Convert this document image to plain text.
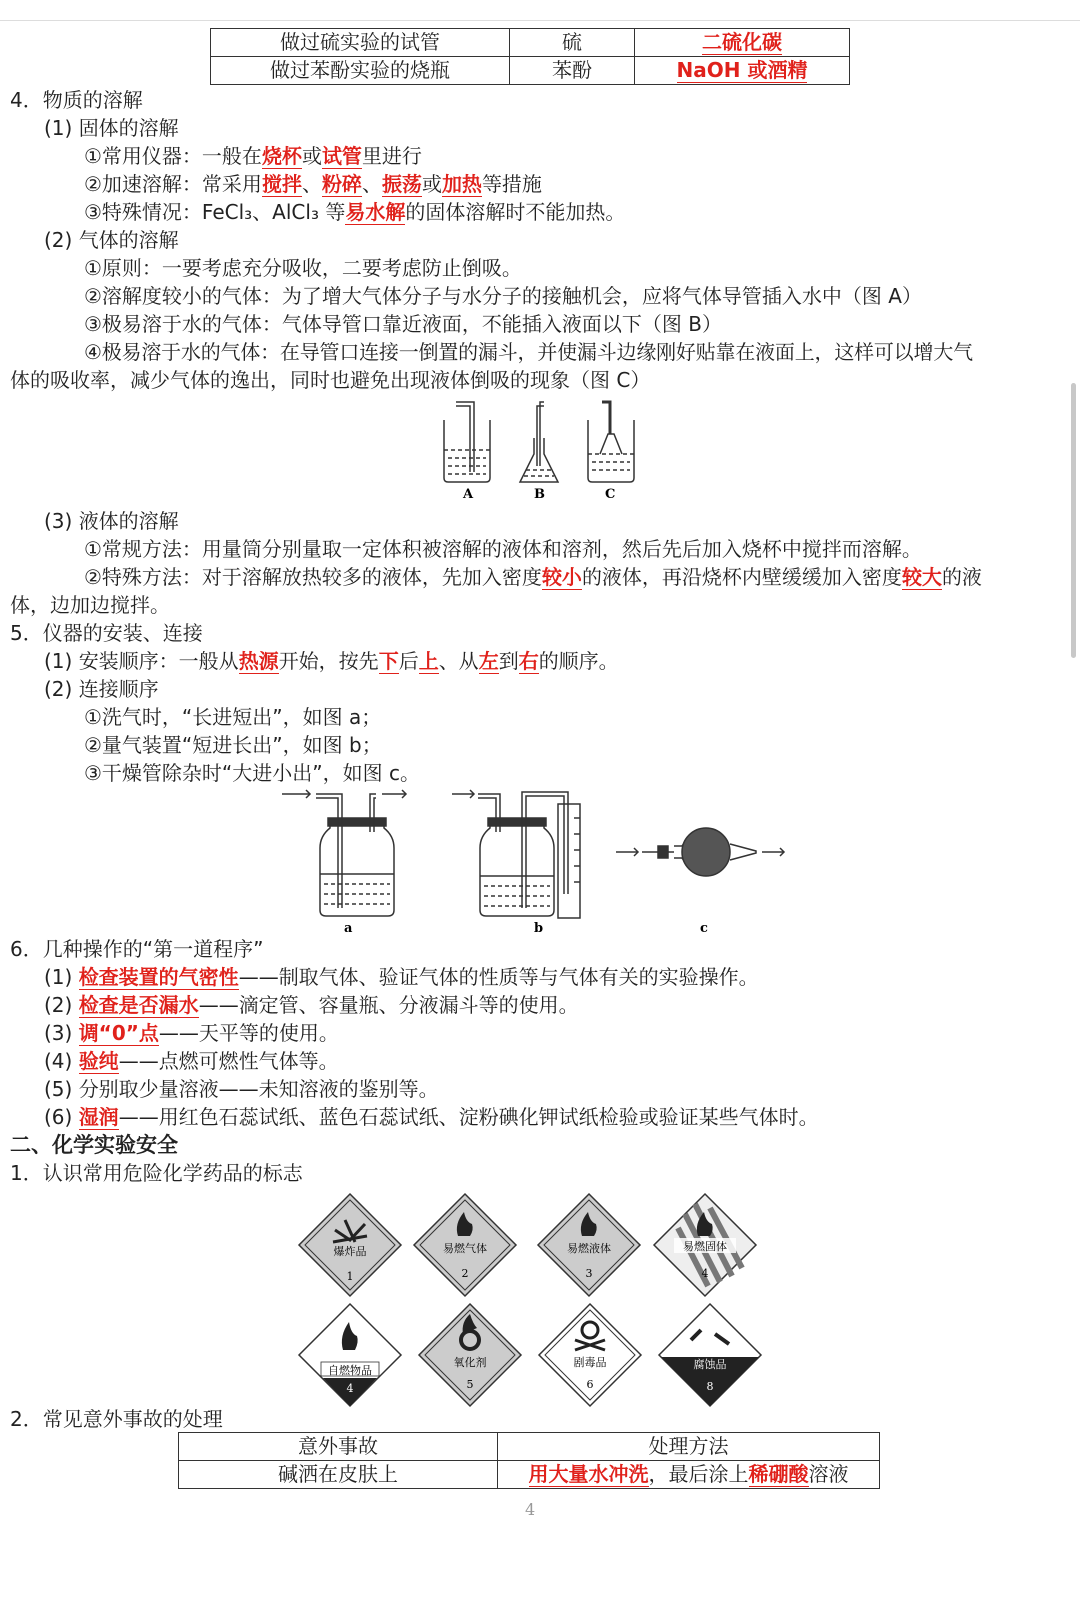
做过硫实验的试管	硫	二硫化碳
做过苯酚实验的烧瓶	苯酚	NaOH 或酒精
4．物质的溶解
(1) 固体的溶解
①常用仪器：一般在烧杯或试管里进行
②加速溶解：常采用搅拌、粉碎、振荡或加热等措施
③特殊情况：FeCl₃、AlCl₃ 等易水解的固体溶解时不能加热。
(2) 气体的溶解
①原则：一要考虑充分吸收，二要考虑防止倒吸。
②溶解度较小的气体：为了增大气体分子与水分子的接触机会，应将气体导管插入水中（图 A）
③极易溶于水的气体：气体导管口靠近液面，不能插入液面以下（图 B）
④极易溶于水的气体：在导管口连接一倒置的漏斗，并使漏斗边缘刚好贴靠在液面上，这样可以增大气
体的吸收率，减少气体的逸出，同时也避免出现液体倒吸的现象（图 C）
A	B	C
(3) 液体的溶解
①常规方法：用量筒分别量取一定体积被溶解的液体和溶剂，然后先后加入烧杯中搅拌而溶解。
②特殊方法：对于溶解放热较多的液体，先加入密度较小的液体，再沿烧杯内壁缓缓加入密度较大的液
体，边加边搅拌。
5．仪器的安装、连接
(1) 安装顺序：一般从热源开始，按先下后上、从左到右的顺序。
(2) 连接顺序
①洗气时，“长进短出”，如图 a；
②量气装置“短进长出”，如图 b；
③干燥管除杂时“大进小出”，如图 c。
a	b	c
6．几种操作的“第一道程序”
(1) 检查装置的气密性——制取气体、验证气体的性质等与气体有关的实验操作。
(2) 检查是否漏水——滴定管、容量瓶、分液漏斗等的使用。
(3) 调“0”点——天平等的使用。
(4) 验纯——点燃可燃性气体等。
(5) 分别取少量溶液——未知溶液的鉴别等。
(6) 湿润——用红色石蕊试纸、蓝色石蕊试纸、淀粉碘化钾试纸检验或验证某些气体时。
二、化学实验安全
1．认识常用危险化学药品的标志
爆炸品
1
易燃气体
2
易燃液体
3
易燃固体
4
自燃物品
4
氧化剂
5
剧毒品
6
腐蚀品
8
2．常见意外事故的处理
意外事故	处理方法
碱洒在皮肤上	用大量水冲洗，最后涂上稀硼酸溶液
4
